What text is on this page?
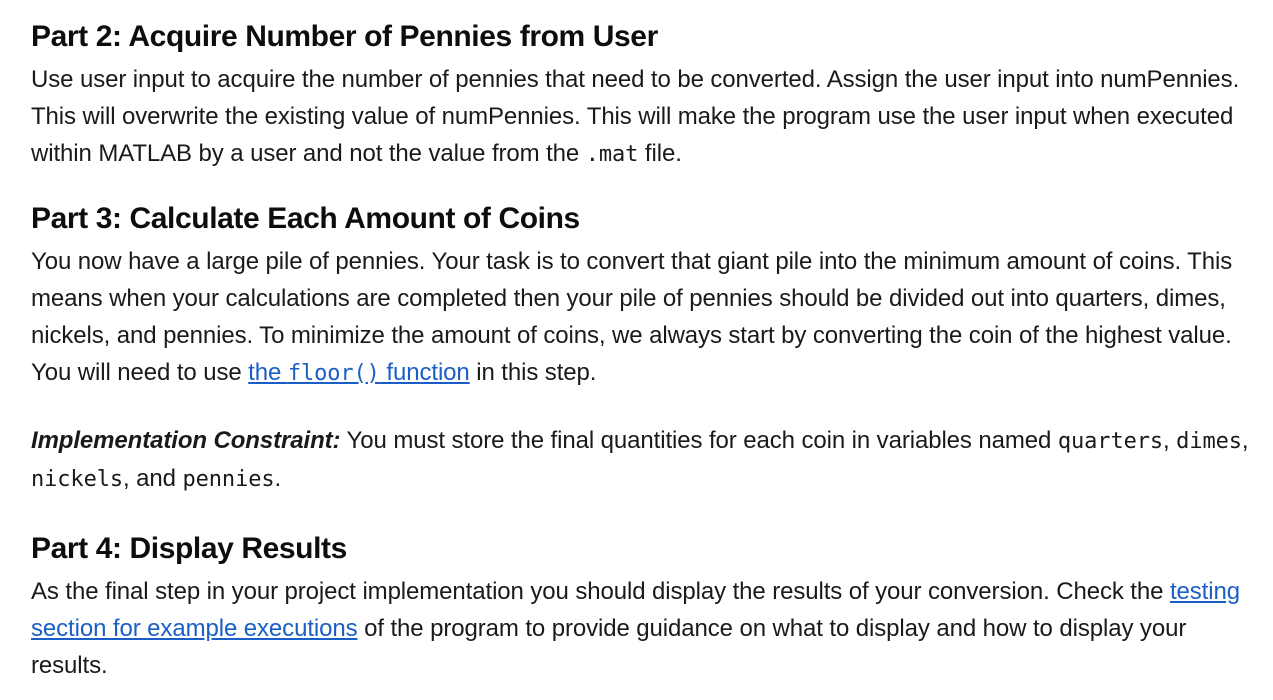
Part 2: Acquire Number of Pennies from User

Use user input to acquire the number of pennies that need to be converted. Assign the user input into numPennies. This will overwrite the existing value of numPennies. This will make the program use the user input when executed within MATLAB by a user and not the value from the .mat file.

Part 3: Calculate Each Amount of Coins

You now have a large pile of pennies. Your task is to convert that giant pile into the minimum amount of coins. This means when your calculations are completed then your pile of pennies should be divided out into quarters, dimes, nickels, and pennies. To minimize the amount of coins, we always start by converting the coin of the highest value. You will need to use the floor() function in this step.

Implementation Constraint: You must store the final quantities for each coin in variables named quarters, dimes, nickels, and pennies.

Part 4: Display Results

As the final step in your project implementation you should display the results of your conversion. Check the testing section for example executions of the program to provide guidance on what to display and how to display your results.
